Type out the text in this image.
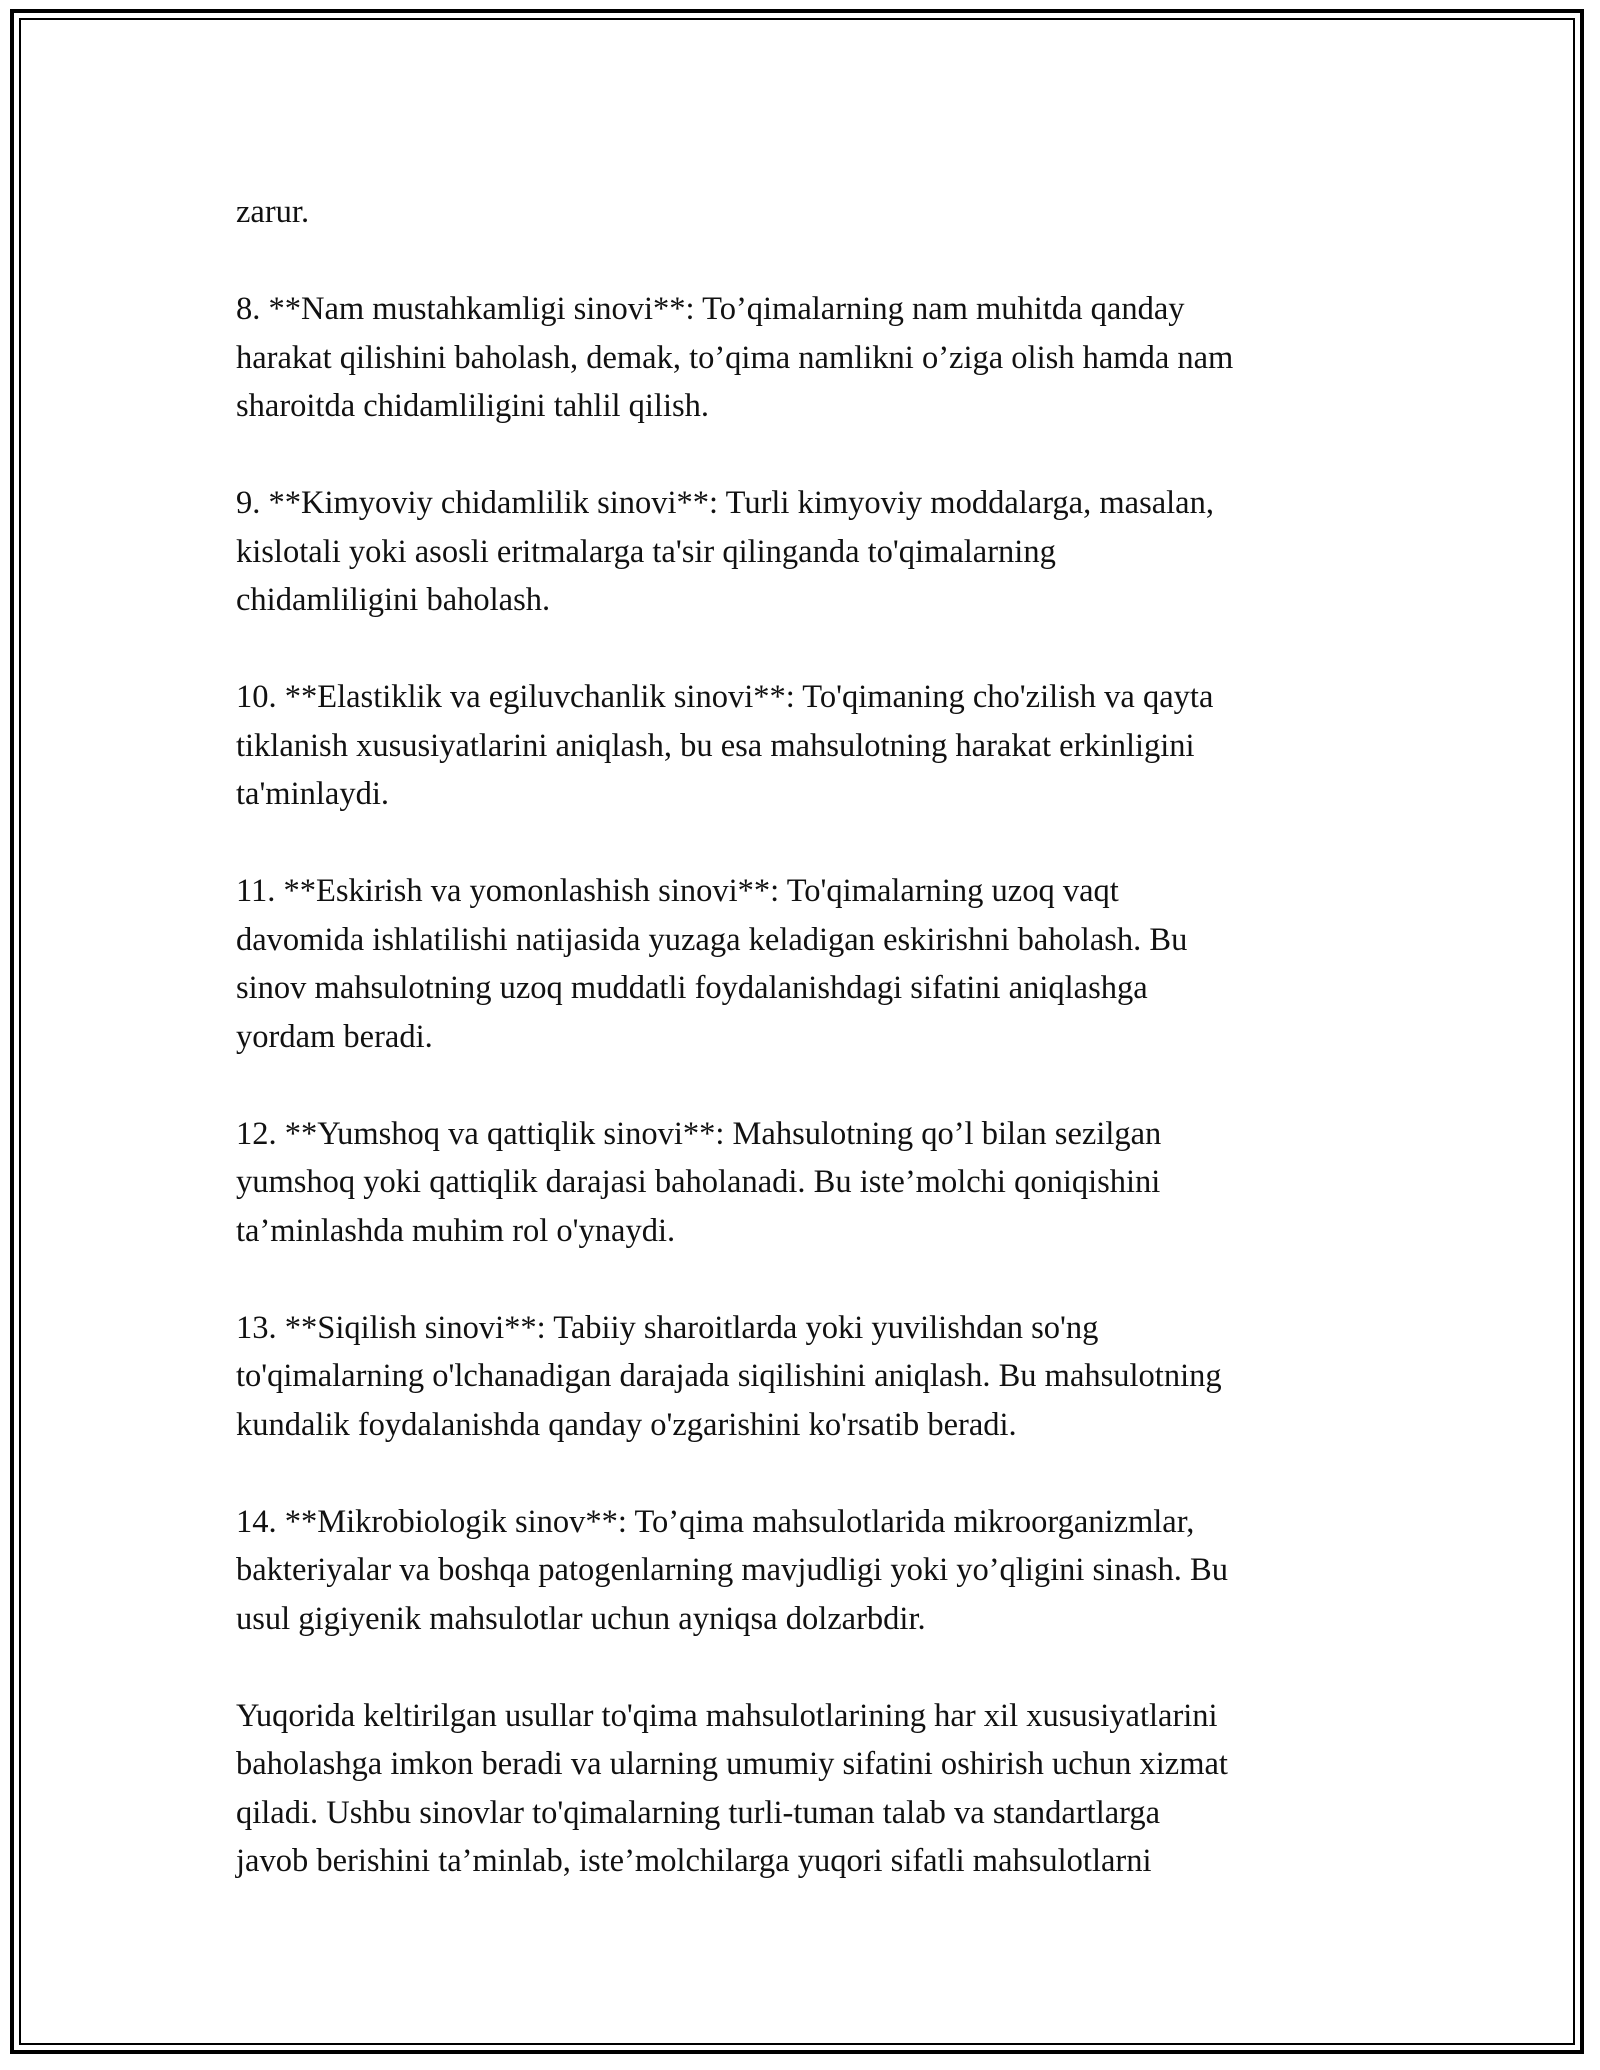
zarur.

8. **Nam mustahkamligi sinovi**: To’qimalarning nam muhitda qanday
harakat qilishini baholash, demak, to’qima namlikni o’ziga olish hamda nam
sharoitda chidamliligini tahlil qilish.

9. **Kimyoviy chidamlilik sinovi**: Turli kimyoviy moddalarga, masalan,
kislotali yoki asosli eritmalarga ta'sir qilinganda to'qimalarning
chidamliligini baholash.

10. **Elastiklik va egiluvchanlik sinovi**: To'qimaning cho'zilish va qayta
tiklanish xususiyatlarini aniqlash, bu esa mahsulotning harakat erkinligini
ta'minlaydi.

11. **Eskirish va yomonlashish sinovi**: To'qimalarning uzoq vaqt
davomida ishlatilishi natijasida yuzaga keladigan eskirishni baholash. Bu
sinov mahsulotning uzoq muddatli foydalanishdagi sifatini aniqlashga
yordam beradi.

12. **Yumshoq va qattiqlik sinovi**: Mahsulotning qo’l bilan sezilgan
yumshoq yoki qattiqlik darajasi baholanadi. Bu iste’molchi qoniqishini
ta’minlashda muhim rol o'ynaydi.

13. **Siqilish sinovi**: Tabiiy sharoitlarda yoki yuvilishdan so'ng
to'qimalarning o'lchanadigan darajada siqilishini aniqlash. Bu mahsulotning
kundalik foydalanishda qanday o'zgarishini ko'rsatib beradi.

14. **Mikrobiologik sinov**: To’qima mahsulotlarida mikroorganizmlar,
bakteriyalar va boshqa patogenlarning mavjudligi yoki yo’qligini sinash. Bu
usul gigiyenik mahsulotlar uchun ayniqsa dolzarbdir.

Yuqorida keltirilgan usullar to'qima mahsulotlarining har xil xususiyatlarini
baholashga imkon beradi va ularning umumiy sifatini oshirish uchun xizmat
qiladi. Ushbu sinovlar to'qimalarning turli-tuman talab va standartlarga
javob berishini ta’minlab, iste’molchilarga yuqori sifatli mahsulotlarni
